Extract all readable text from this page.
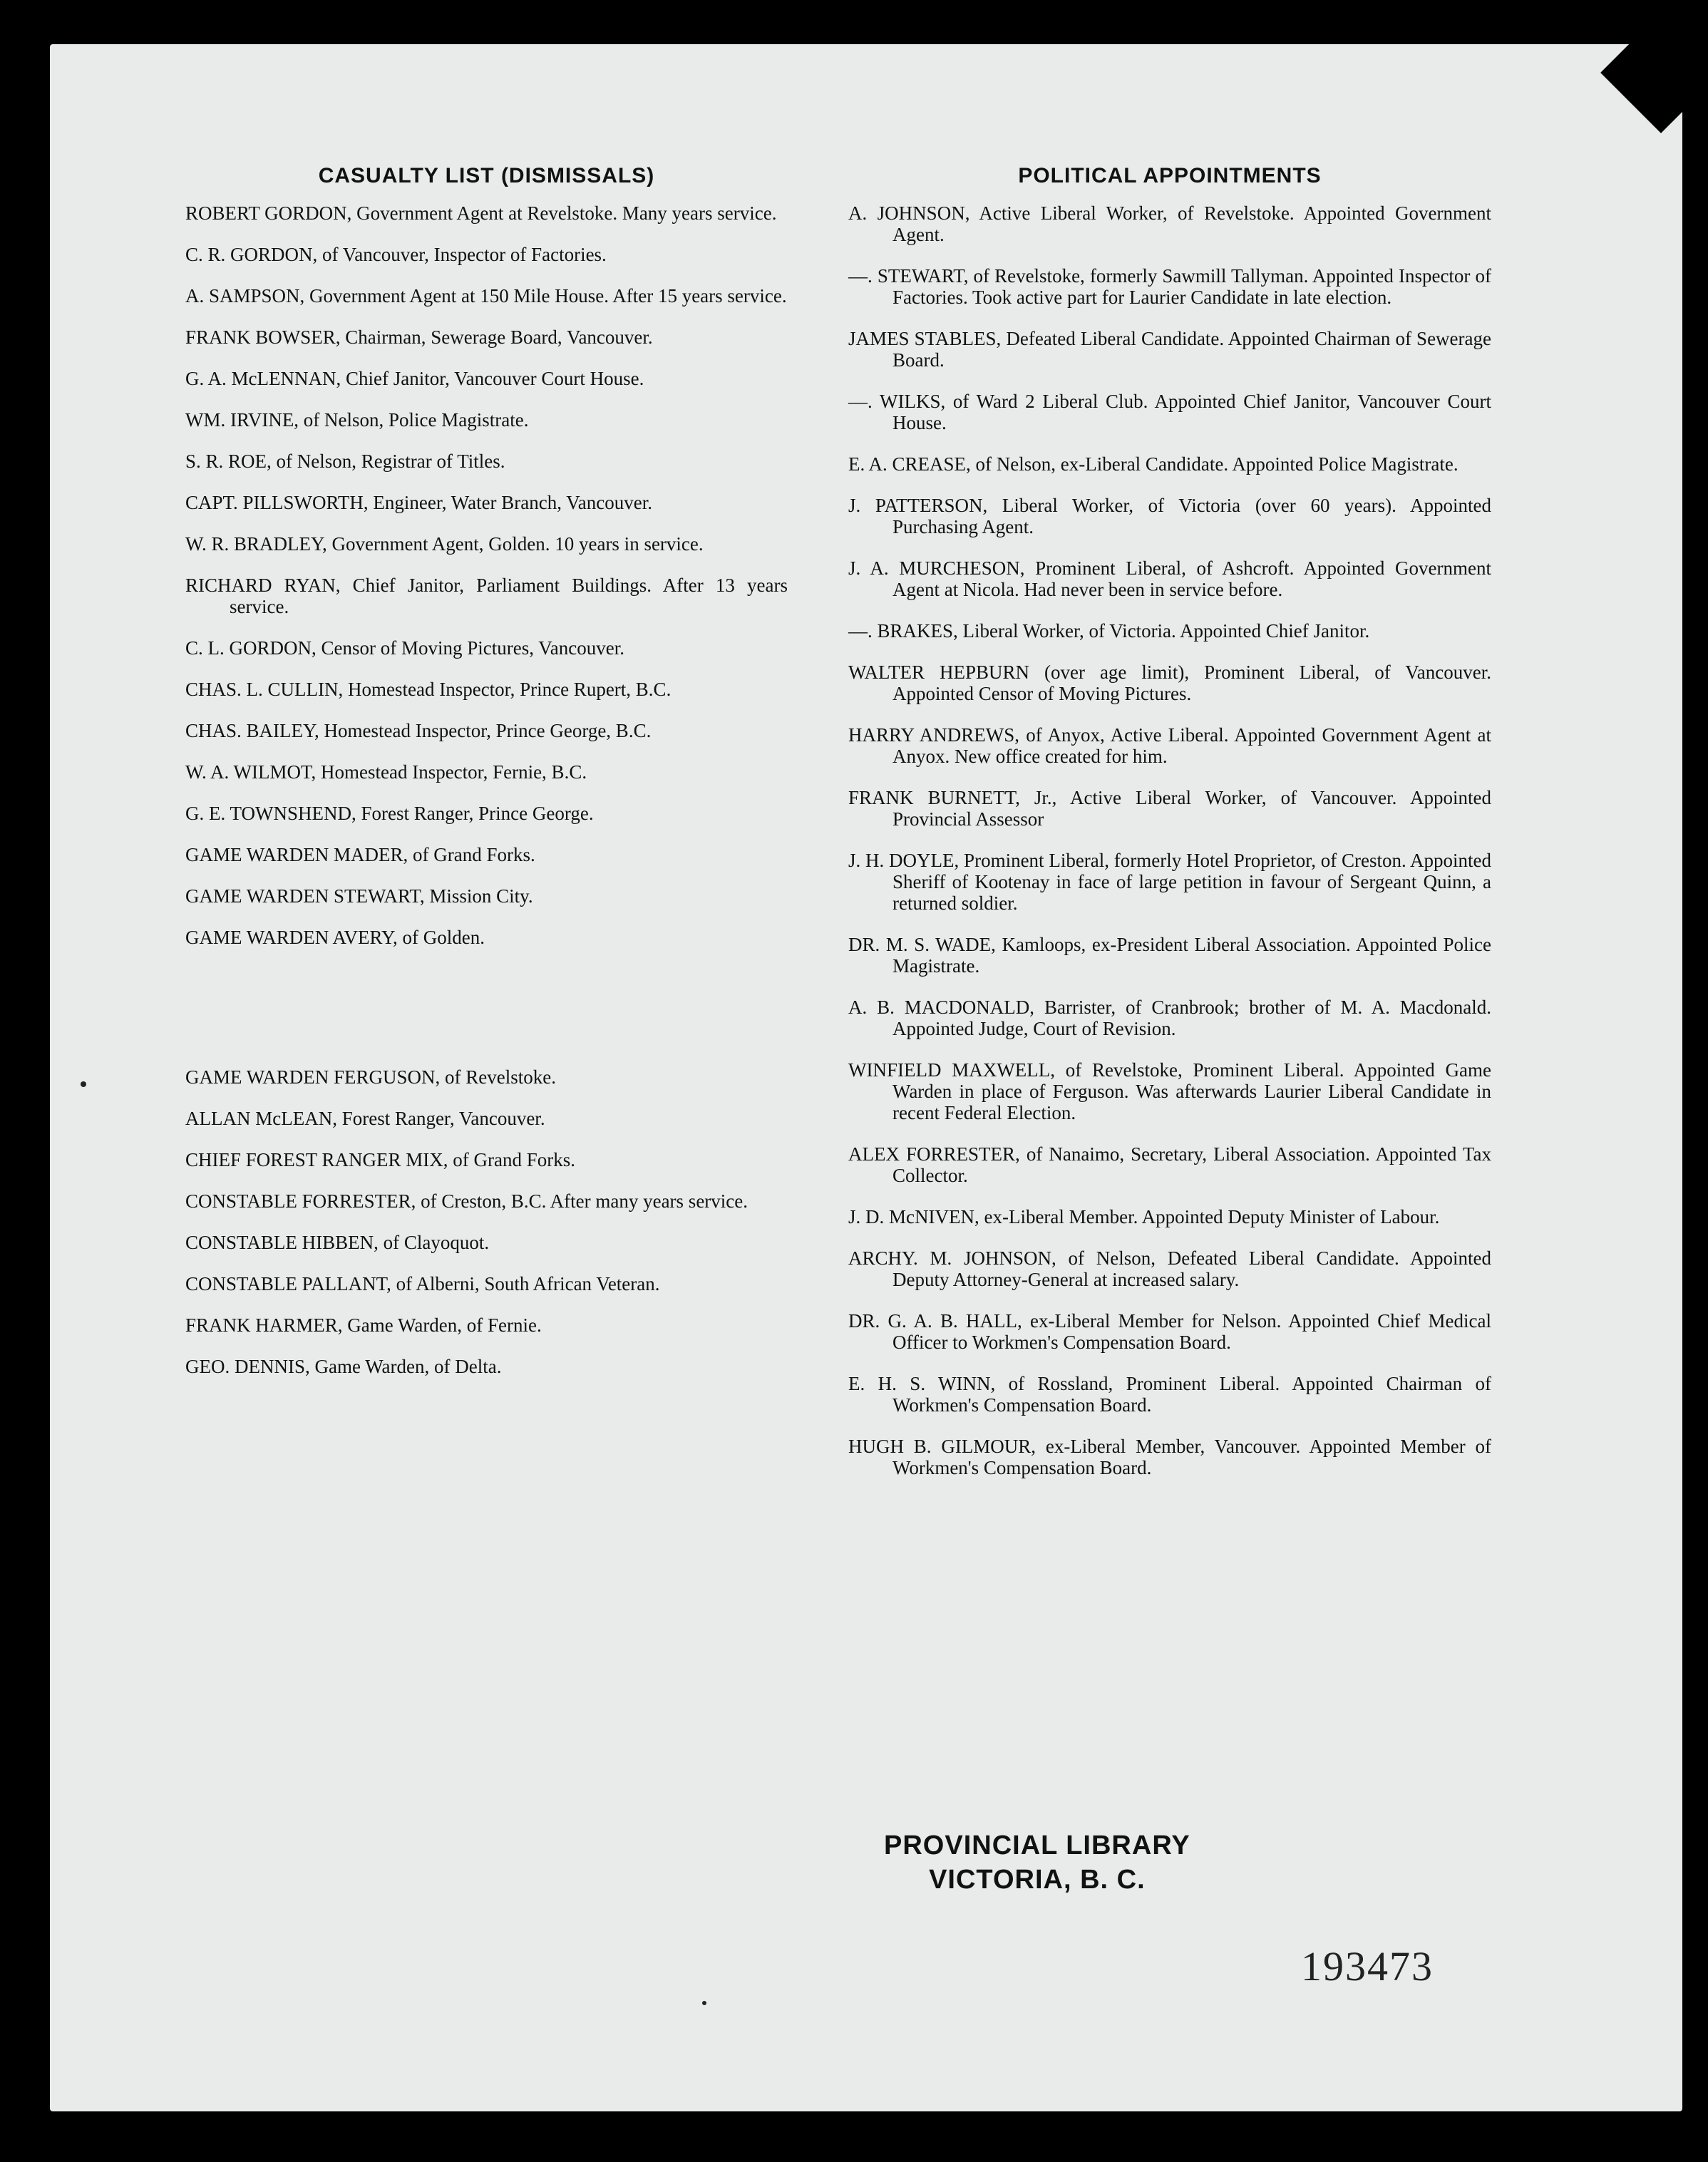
CASUALTY LIST (DISMISSALS)

ROBERT GORDON, Government Agent at Revelstoke. Many years service.

C. R. GORDON, of Vancouver, Inspector of Factories.

A. SAMPSON, Government Agent at 150 Mile House. After 15 years service.

FRANK BOWSER, Chairman, Sewerage Board, Vancouver.

G. A. McLENNAN, Chief Janitor, Vancouver Court House.

WM. IRVINE, of Nelson, Police Magistrate.

S. R. ROE, of Nelson, Registrar of Titles.

CAPT. PILLSWORTH, Engineer, Water Branch, Vancouver.

W. R. BRADLEY, Government Agent, Golden. 10 years in service.

RICHARD RYAN, Chief Janitor, Parliament Buildings. After 13 years service.

C. L. GORDON, Censor of Moving Pictures, Vancouver.

CHAS. L. CULLIN, Homestead Inspector, Prince Rupert, B.C.

CHAS. BAILEY, Homestead Inspector, Prince George, B.C.

W. A. WILMOT, Homestead Inspector, Fernie, B.C.

G. E. TOWNSHEND, Forest Ranger, Prince George.

GAME WARDEN MADER, of Grand Forks.

GAME WARDEN STEWART, Mission City.

GAME WARDEN AVERY, of Golden.

GAME WARDEN FERGUSON, of Revelstoke.

ALLAN McLEAN, Forest Ranger, Vancouver.

CHIEF FOREST RANGER MIX, of Grand Forks.

CONSTABLE FORRESTER, of Creston, B.C. After many years service.

CONSTABLE HIBBEN, of Clayoquot.

CONSTABLE PALLANT, of Alberni, South African Veteran.

FRANK HARMER, Game Warden, of Fernie.

GEO. DENNIS, Game Warden, of Delta.

POLITICAL APPOINTMENTS

A. JOHNSON, Active Liberal Worker, of Revelstoke. Appointed Government Agent.

—. STEWART, of Revelstoke, formerly Sawmill Tallyman. Appointed Inspector of Factories. Took active part for Laurier Candidate in late election.

JAMES STABLES, Defeated Liberal Candidate. Appointed Chairman of Sewerage Board.

—. WILKS, of Ward 2 Liberal Club. Appointed Chief Janitor, Vancouver Court House.

E. A. CREASE, of Nelson, ex-Liberal Candidate. Appointed Police Magistrate.

J. PATTERSON, Liberal Worker, of Victoria (over 60 years). Appointed Purchasing Agent.

J. A. MURCHESON, Prominent Liberal, of Ashcroft. Appointed Government Agent at Nicola. Had never been in service before.

—. BRAKES, Liberal Worker, of Victoria. Appointed Chief Janitor.

WALTER HEPBURN (over age limit), Prominent Liberal, of Vancouver. Appointed Censor of Moving Pictures.

HARRY ANDREWS, of Anyox, Active Liberal. Appointed Government Agent at Anyox. New office created for him.

FRANK BURNETT, Jr., Active Liberal Worker, of Vancouver. Appointed Provincial Assessor

J. H. DOYLE, Prominent Liberal, formerly Hotel Proprietor, of Creston. Appointed Sheriff of Kootenay in face of large petition in favour of Sergeant Quinn, a returned soldier.

DR. M. S. WADE, Kamloops, ex-President Liberal Association. Appointed Police Magistrate.

A. B. MACDONALD, Barrister, of Cranbrook; brother of M. A. Macdonald. Appointed Judge, Court of Revision.

WINFIELD MAXWELL, of Revelstoke, Prominent Liberal. Appointed Game Warden in place of Ferguson. Was afterwards Laurier Liberal Candidate in recent Federal Election.

ALEX FORRESTER, of Nanaimo, Secretary, Liberal Association. Appointed Tax Collector.

J. D. McNIVEN, ex-Liberal Member. Appointed Deputy Minister of Labour.

ARCHY. M. JOHNSON, of Nelson, Defeated Liberal Candidate. Appointed Deputy Attorney-General at increased salary.

DR. G. A. B. HALL, ex-Liberal Member for Nelson. Appointed Chief Medical Officer to Workmen's Compensation Board.

E. H. S. WINN, of Rossland, Prominent Liberal. Appointed Chairman of Workmen's Compensation Board.

HUGH B. GILMOUR, ex-Liberal Member, Vancouver. Appointed Member of Workmen's Compensation Board.

PROVINCIAL LIBRARY
VICTORIA, B. C.
193473
